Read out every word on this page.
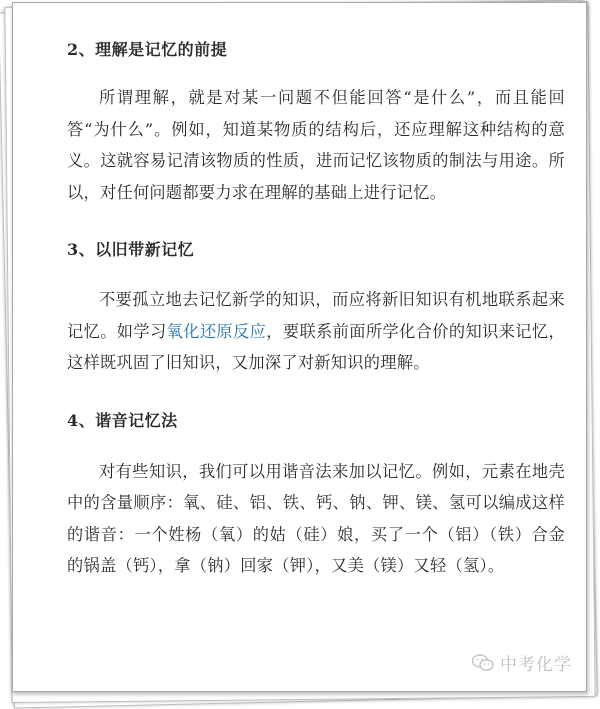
2、理解是记忆的前提

所谓理解，就是对某一问题不但能回答“是什么”，而且能回答“为什么”。例如，知道某物质的结构后，还应理解这种结构的意义。这就容易记清该物质的性质，进而记忆该物质的制法与用途。所以，对任何问题都要力求在理解的基础上进行记忆。

3、以旧带新记忆

不要孤立地去记忆新学的知识，而应将新旧知识有机地联系起来记忆。如学习氧化还原反应，要联系前面所学化合价的知识来记忆，这样既巩固了旧知识，又加深了对新知识的理解。

4、谐音记忆法

对有些知识，我们可以用谐音法来加以记忆。例如，元素在地壳中的含量顺序：氧、硅、铝、铁、钙、钠、钾、镁、氢可以编成这样的谐音：一个姓杨（氧）的姑（硅）娘，买了一个（铝）（铁）合金的锅盖（钙），拿（钠）回家（钾），又美（镁）又轻（氢）。

中考化学
